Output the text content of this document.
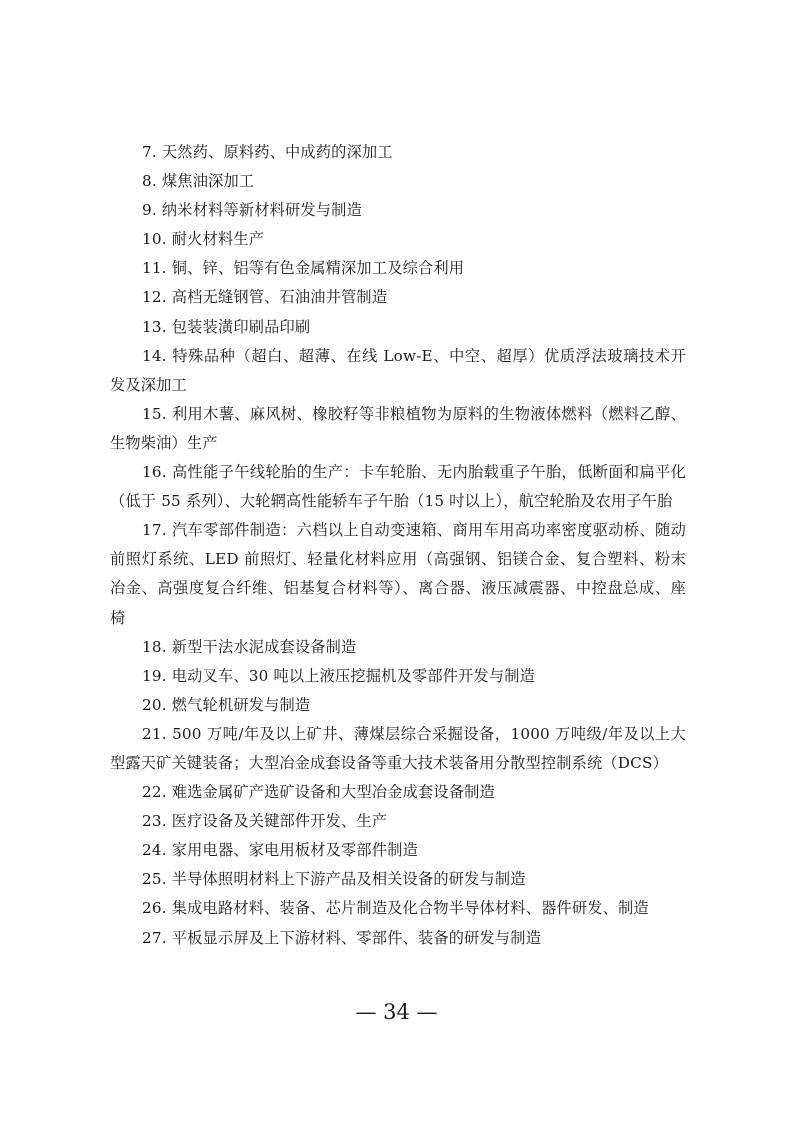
7. 天然药、原料药、中成药的深加工

8. 煤焦油深加工

9. 纳米材料等新材料研发与制造

10. 耐火材料生产

11. 铜、锌、铝等有色金属精深加工及综合利用

12. 高档无缝钢管、石油油井管制造

13. 包装装潢印刷品印刷

14. 特殊品种（超白、超薄、在线 Low-E、中空、超厚）优质浮法玻璃技术开发及深加工

15. 利用木薯、麻风树、橡胶籽等非粮植物为原料的生物液体燃料（燃料乙醇、生物柴油）生产

16. 高性能子午线轮胎的生产：卡车轮胎、无内胎载重子午胎，低断面和扁平化（低于 55 系列）、大轮辋高性能轿车子午胎（15 吋以上），航空轮胎及农用子午胎

17. 汽车零部件制造：六档以上自动变速箱、商用车用高功率密度驱动桥、随动前照灯系统、LED 前照灯、轻量化材料应用（高强钢、铝镁合金、复合塑料、粉末冶金、高强度复合纤维、铝基复合材料等）、离合器、液压减震器、中控盘总成、座椅

18. 新型干法水泥成套设备制造

19. 电动叉车、30 吨以上液压挖掘机及零部件开发与制造

20. 燃气轮机研发与制造

21. 500 万吨/年及以上矿井、薄煤层综合采掘设备，1000 万吨级/年及以上大型露天矿关键装备；大型冶金成套设备等重大技术装备用分散型控制系统（DCS）

22. 难选金属矿产选矿设备和大型冶金成套设备制造

23. 医疗设备及关键部件开发、生产

24. 家用电器、家电用板材及零部件制造

25. 半导体照明材料上下游产品及相关设备的研发与制造

26. 集成电路材料、装备、芯片制造及化合物半导体材料、器件研发、制造

27. 平板显示屏及上下游材料、零部件、装备的研发与制造

— 34 —
